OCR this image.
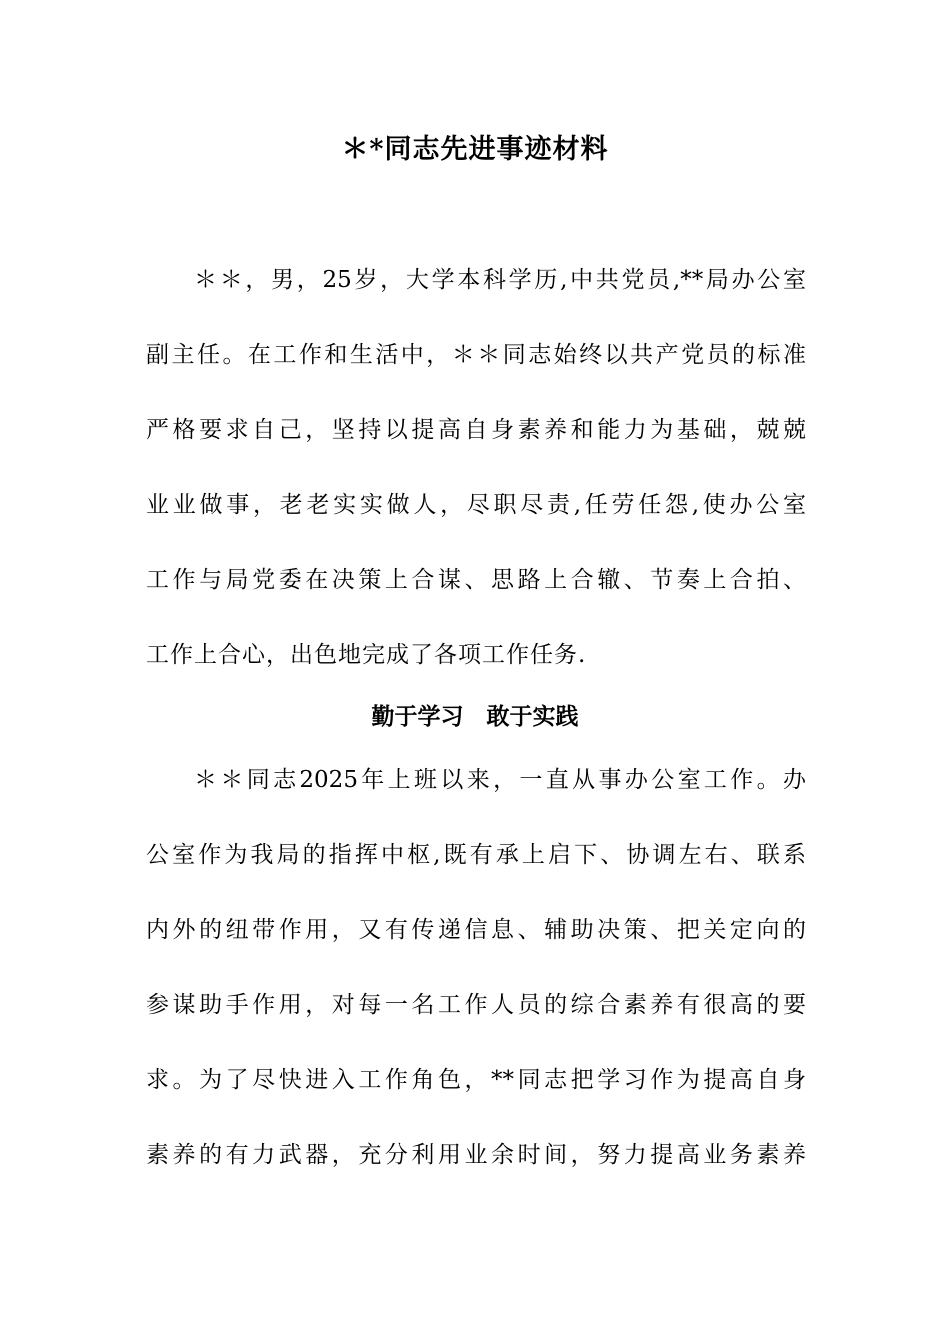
＊*同志先进事迹材料
＊＊，男，25岁，大学本科学历,中共党员,**局办公室
副主任。在工作和生活中，＊＊同志始终以共产党员的标准
严格要求自己，坚持以提高自身素养和能力为基础，兢兢
业业做事，老老实实做人，尽职尽责,任劳任怨,使办公室
工作与局党委在决策上合谋、思路上合辙、节奏上合拍、
工作上合心，出色地完成了各项工作任务.
勤于学习　敢于实践
＊＊同志2025年上班以来，一直从事办公室工作。办
公室作为我局的指挥中枢,既有承上启下、协调左右、联系
内外的纽带作用，又有传递信息、辅助决策、把关定向的
参谋助手作用，对每一名工作人员的综合素养有很高的要
求。为了尽快进入工作角色，**同志把学习作为提高自身
素养的有力武器，充分利用业余时间，努力提高业务素养
